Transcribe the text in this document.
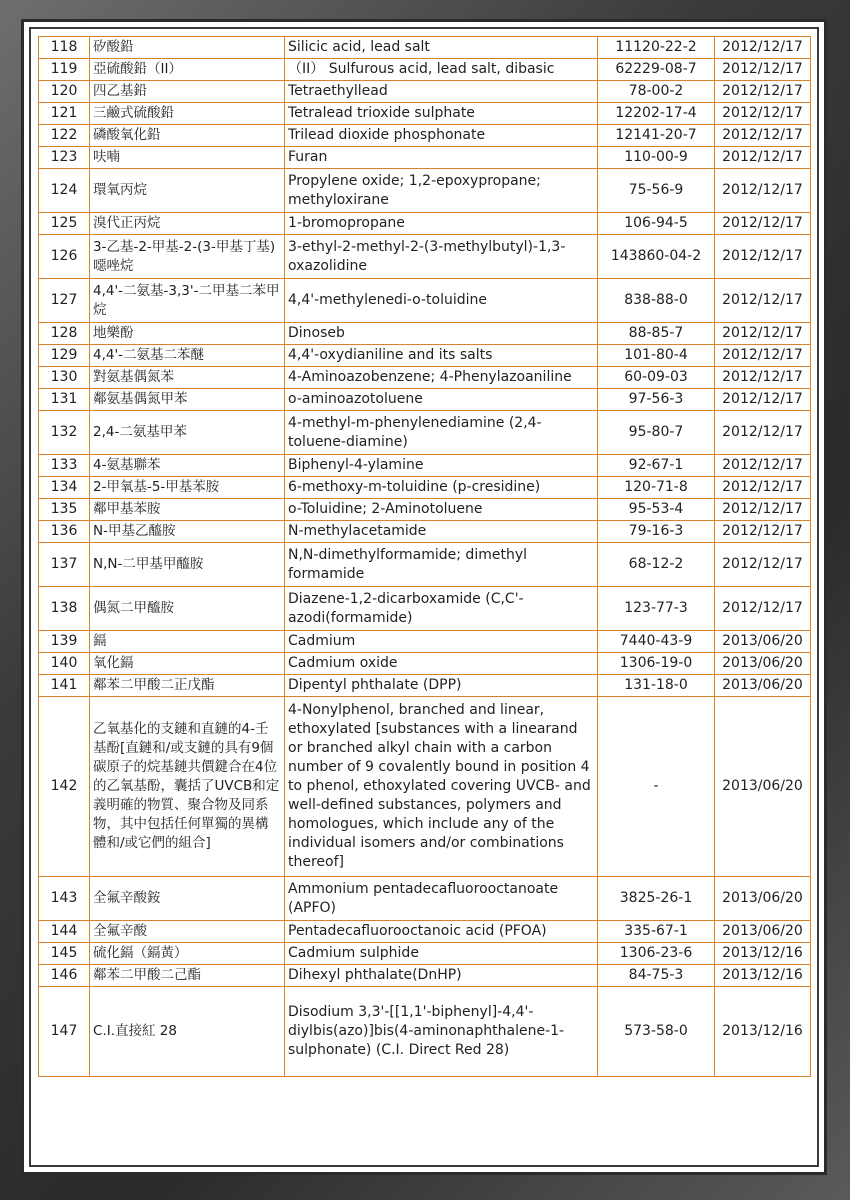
118	矽酸鉛	Silicic acid, lead salt	11120-22-2	2012/12/17
119	亞硫酸鉛（II）	（II） Sulfurous acid, lead salt, dibasic	62229-08-7	2012/12/17
120	四乙基鉛	Tetraethyllead	78-00-2	2012/12/17
121	三鹼式硫酸鉛	Tetralead trioxide sulphate	12202-17-4	2012/12/17
122	磷酸氧化鉛	Trilead dioxide phosphonate	12141-20-7	2012/12/17
123	呋喃	Furan	110-00-9	2012/12/17
124	環氧丙烷	Propylene oxide; 1,2-epoxypropane; methyloxirane	75-56-9	2012/12/17
125	溴代正丙烷	1-bromopropane	106-94-5	2012/12/17
126	3-乙基-2-甲基-2-(3-甲基丁基)噁唑烷	3-ethyl-2-methyl-2-(3-methylbutyl)-1,3-oxazolidine	143860-04-2	2012/12/17
127	4,4'-二氨基-3,3'-二甲基二苯甲烷	4,4'-methylenedi-o-toluidine	838-88-0	2012/12/17
128	地樂酚	Dinoseb	88-85-7	2012/12/17
129	4,4'-二氨基二苯醚	4,4'-oxydianiline and its salts	101-80-4	2012/12/17
130	對氨基偶氮苯	4-Aminoazobenzene; 4-Phenylazoaniline	60-09-03	2012/12/17
131	鄰氨基偶氮甲苯	o-aminoazotoluene	97-56-3	2012/12/17
132	2,4-二氨基甲苯	4-methyl-m-phenylenediamine (2,4-toluene-diamine)	95-80-7	2012/12/17
133	4-氨基聯苯	Biphenyl-4-ylamine	92-67-1	2012/12/17
134	2-甲氧基-5-甲基苯胺	6-methoxy-m-toluidine (p-cresidine)	120-71-8	2012/12/17
135	鄰甲基苯胺	o-Toluidine; 2-Aminotoluene	95-53-4	2012/12/17
136	N-甲基乙醯胺	N-methylacetamide	79-16-3	2012/12/17
137	N,N-二甲基甲醯胺	N,N-dimethylformamide; dimethyl formamide	68-12-2	2012/12/17
138	偶氮二甲醯胺	Diazene-1,2-dicarboxamide (C,C'-azodi(formamide)	123-77-3	2012/12/17
139	鎘	Cadmium	7440-43-9	2013/06/20
140	氧化鎘	Cadmium oxide	1306-19-0	2013/06/20
141	鄰苯二甲酸二正戊酯	Dipentyl phthalate (DPP)	131-18-0	2013/06/20
142	乙氧基化的支鏈和直鏈的4-壬基酚[直鏈和/或支鏈的具有9個碳原子的烷基鏈共價鍵合在4位的乙氧基酚，囊括了UVCB和定義明確的物質、聚合物及同系物，其中包括任何單獨的異構體和/或它們的組合]	4-Nonylphenol, branched and linear, ethoxylated [substances with a linearand or branched alkyl chain with a carbon number of 9 covalently bound in position 4 to phenol, ethoxylated covering UVCB- and well-defined substances, polymers and homologues, which include any of the individual isomers and/or combinations thereof]	-	2013/06/20
143	全氟辛酸銨	Ammonium pentadecafluorooctanoate (APFO)	3825-26-1	2013/06/20
144	全氟辛酸	Pentadecafluorooctanoic acid (PFOA)	335-67-1	2013/06/20
145	硫化鎘（鎘黃）	Cadmium sulphide	1306-23-6	2013/12/16
146	鄰苯二甲酸二己酯	Dihexyl phthalate(DnHP)	84-75-3	2013/12/16
147	C.I.直接紅 28	Disodium 3,3'-[[1,1'-biphenyl]-4,4'-diylbis(azo)]bis(4-aminonaphthalene-1-sulphonate) (C.I. Direct Red 28)	573-58-0	2013/12/16
